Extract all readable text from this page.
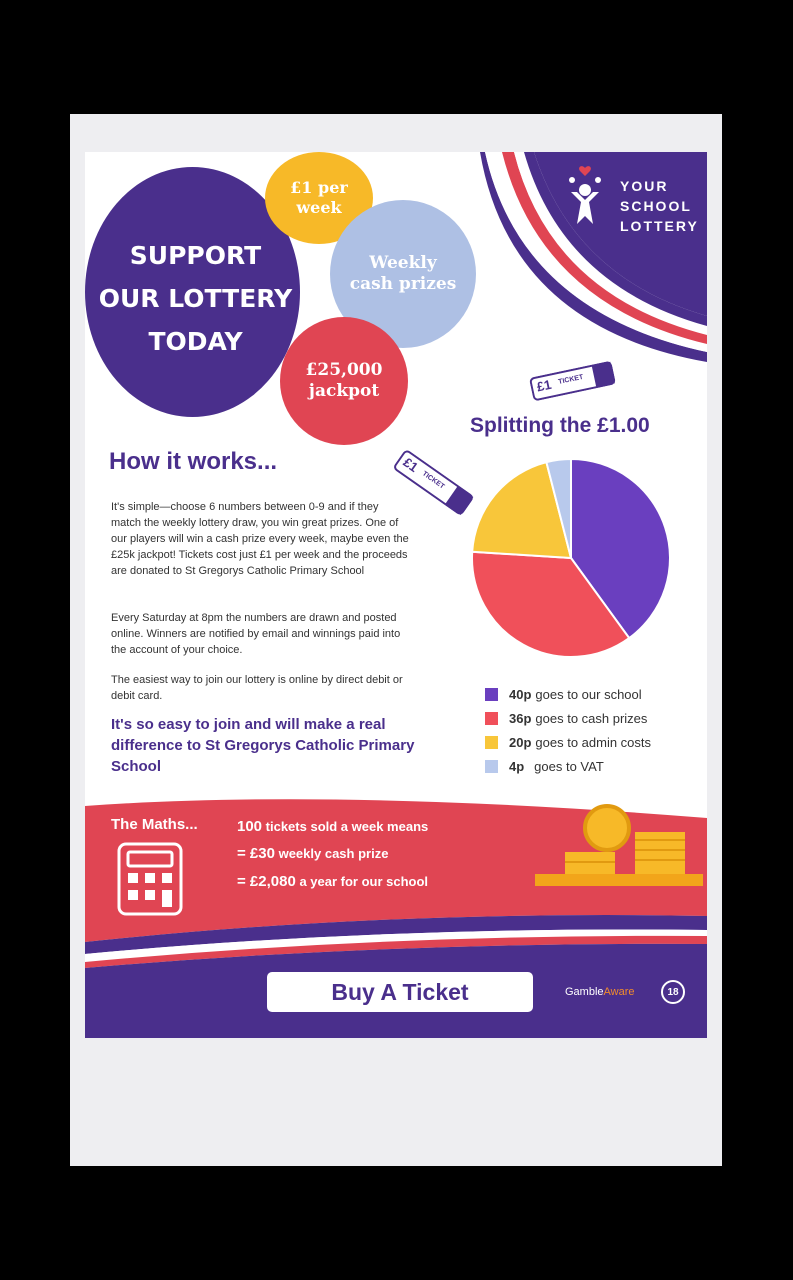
YOUR
SCHOOL
LOTTERY
SUPPORT
OUR LOTTERY
TODAY
£1 per
week
Weekly
cash prizes
£25,000
jackpot	£1 TICKET
£1
TICKET
How it works...
It's simple—choose 6 numbers between 0-9 and if they match the weekly lottery draw, you win great prizes. One of our players will win a cash prize every week, maybe even the £25k jackpot! Tickets cost just £1 per week and the proceeds are donated to St Gregorys Catholic Primary School
Every Saturday at 8pm the numbers are drawn and posted online. Winners are notified by email and winnings paid into the account of your choice.
The easiest way to join our lottery is online by direct debit or debit card.
It's so easy to join and will make a real difference to St Gregorys Catholic Primary School
Splitting the £1.00
40p goes to our school
36p goes to cash prizes
20p goes to admin costs
4p goes to VAT
The Maths...	100 tickets sold a week means
= £30 weekly cash prize
= £2,080 a year for our school
Buy A Ticket	GambleAware	18
